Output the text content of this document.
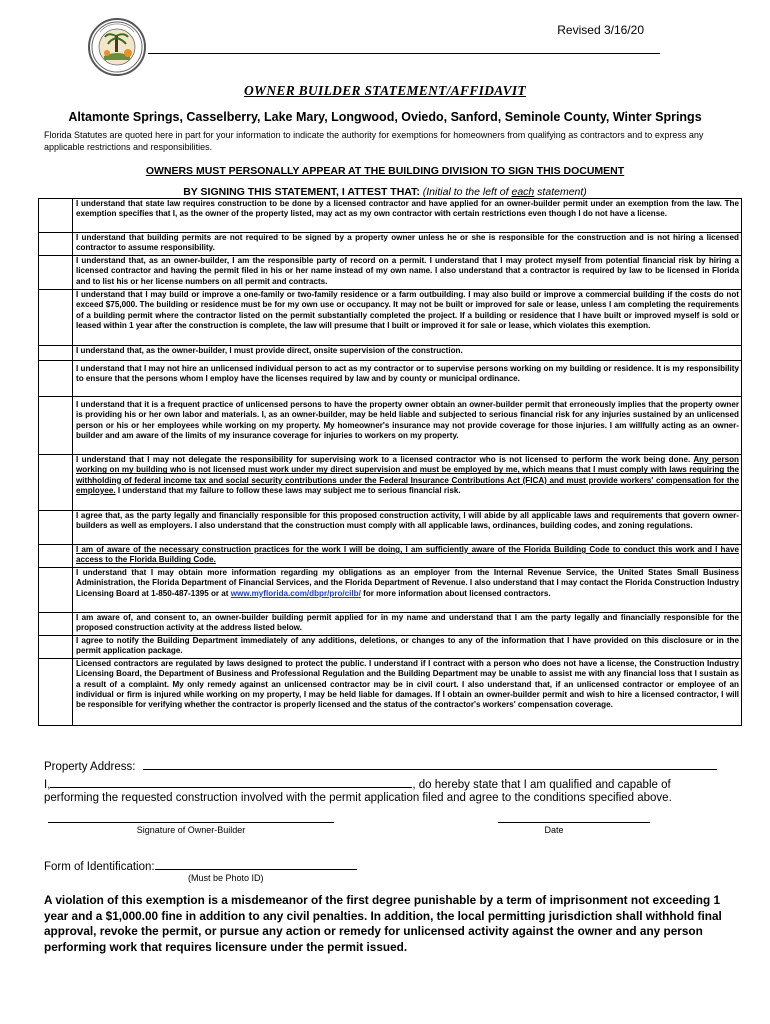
Revised 3/16/20
OWNER BUILDER STATEMENT/AFFIDAVIT
Altamonte Springs, Casselberry, Lake Mary, Longwood, Oviedo, Sanford, Seminole County, Winter Springs
Florida Statutes are quoted here in part for your information to indicate the authority for exemptions for homeowners from qualifying as contractors and to express any applicable restrictions and responsibilities.
OWNERS MUST PERSONALLY APPEAR AT THE BUILDING DIVISION TO SIGN THIS DOCUMENT
BY SIGNING THIS STATEMENT, I ATTEST THAT: (Initial to the left of each statement)
	I understand that state law requires construction to be done by a licensed contractor and have applied for an owner-builder permit under an exemption from the law. The exemption specifies that I, as the owner of the property listed, may act as my own contractor with certain restrictions even though I do not have a license.
	I understand that building permits are not required to be signed by a property owner unless he or she is responsible for the construction and is not hiring a licensed contractor to assume responsibility.
	I understand that, as an owner-builder, I am the responsible party of record on a permit. I understand that I may protect myself from potential financial risk by hiring a licensed contractor and having the permit filed in his or her name instead of my own name. I also understand that a contractor is required by law to be licensed in Florida and to list his or her license numbers on all permit and contracts.
	I understand that I may build or improve a one-family or two-family residence or a farm outbuilding. I may also build or improve a commercial building if the costs do not exceed $75,000. The building or residence must be for my own use or occupancy. It may not be built or improved for sale or lease, unless I am completing the requirements of a building permit where the contractor listed on the permit substantially completed the project. If a building or residence that I have built or improved myself is sold or leased within 1 year after the construction is complete, the law will presume that I built or improved it for sale or lease, which violates this exemption.
	I understand that, as the owner-builder, I must provide direct, onsite supervision of the construction.
	I understand that I may not hire an unlicensed individual person to act as my contractor or to supervise persons working on my building or residence. It is my responsibility to ensure that the persons whom I employ have the licenses required by law and by county or municipal ordinance.
	I understand that it is a frequent practice of unlicensed persons to have the property owner obtain an owner-builder permit that erroneously implies that the property owner is providing his or her own labor and materials. I, as an owner-builder, may be held liable and subjected to serious financial risk for any injuries sustained by an unlicensed person or his or her employees while working on my property. My homeowner's insurance may not provide coverage for those injuries. I am willfully acting as an owner-builder and am aware of the limits of my insurance coverage for injuries to workers on my property.
	I understand that I may not delegate the responsibility for supervising work to a licensed contractor who is not licensed to perform the work being done. Any person working on my building who is not licensed must work under my direct supervision and must be employed by me, which means that I must comply with laws requiring the withholding of federal income tax and social security contributions under the Federal Insurance Contributions Act (FICA) and must provide workers' compensation for the employee. I understand that my failure to follow these laws may subject me to serious financial risk.
	I agree that, as the party legally and financially responsible for this proposed construction activity, I will abide by all applicable laws and requirements that govern owner-builders as well as employers. I also understand that the construction must comply with all applicable laws, ordinances, building codes, and zoning regulations.
	I am of aware of the necessary construction practices for the work I will be doing, I am sufficiently aware of the Florida Building Code to conduct this work and I have access to the Florida Building Code.
	I understand that I may obtain more information regarding my obligations as an employer from the Internal Revenue Service, the United States Small Business Administration, the Florida Department of Financial Services, and the Florida Department of Revenue. I also understand that I may contact the Florida Construction Industry Licensing Board at 1-850-487-1395 or at www.myflorida.com/dbpr/pro/cilb/ for more information about licensed contractors.
	I am aware of, and consent to, an owner-builder building permit applied for in my name and understand that I am the party legally and financially responsible for the proposed construction activity at the address listed below.
	I agree to notify the Building Department immediately of any additions, deletions, or changes to any of the information that I have provided on this disclosure or in the permit application package.
	Licensed contractors are regulated by laws designed to protect the public. I understand if I contract with a person who does not have a license, the Construction Industry Licensing Board, the Department of Business and Professional Regulation and the Building Department may be unable to assist me with any financial loss that I sustain as a result of a complaint. My only remedy against an unlicensed contractor may be in civil court. I also understand that, if an unlicensed contractor or employee of an individual or firm is injured while working on my property, I may be held liable for damages. If I obtain an owner-builder permit and wish to hire a licensed contractor, I will be responsible for verifying whether the contractor is properly licensed and the status of the contractor's workers' compensation coverage.
Property Address:
I,	, do hereby state that I am qualified and capable of
performing the requested construction involved with the permit application filed and agree to the conditions specified above.
Signature of Owner-Builder	Date
Form of Identification:
(Must be Photo ID)
A violation of this exemption is a misdemeanor of the first degree punishable by a term of imprisonment not exceeding 1 year and a $1,000.00 fine in addition to any civil penalties. In addition, the local permitting jurisdiction shall withhold final approval, revoke the permit, or pursue any action or remedy for unlicensed activity against the owner and any person performing work that requires licensure under the permit issued.
